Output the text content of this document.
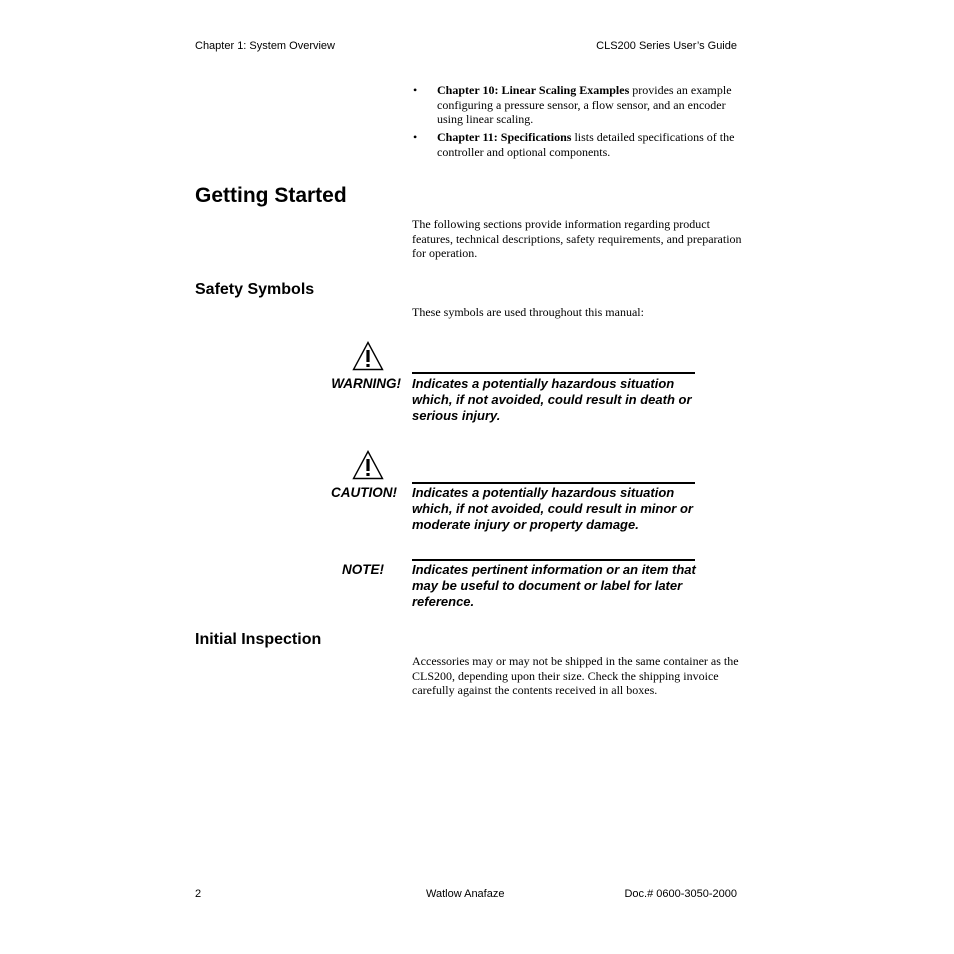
Chapter 1: System Overview	CLS200 Series User’s Guide
• Chapter 10: Linear Scaling Examples provides an example configuring a pressure sensor, a flow sensor, and an encoder using linear scaling.
• Chapter 11: Specifications lists detailed specifications of the controller and optional components.
Getting Started
The following sections provide information regarding product features, technical descriptions, safety requirements, and preparation for operation.
Safety Symbols
These symbols are used throughout this manual:
WARNING! Indicates a potentially hazardous situation which, if not avoided, could result in death or serious injury.
CAUTION! Indicates a potentially hazardous situation which, if not avoided, could result in minor or moderate injury or property damage.
NOTE! Indicates pertinent information or an item that may be useful to document or label for later reference.
Initial Inspection
Accessories may or may not be shipped in the same container as the CLS200, depending upon their size. Check the shipping invoice carefully against the contents received in all boxes.
2	Watlow Anafaze	Doc.# 0600-3050-2000
